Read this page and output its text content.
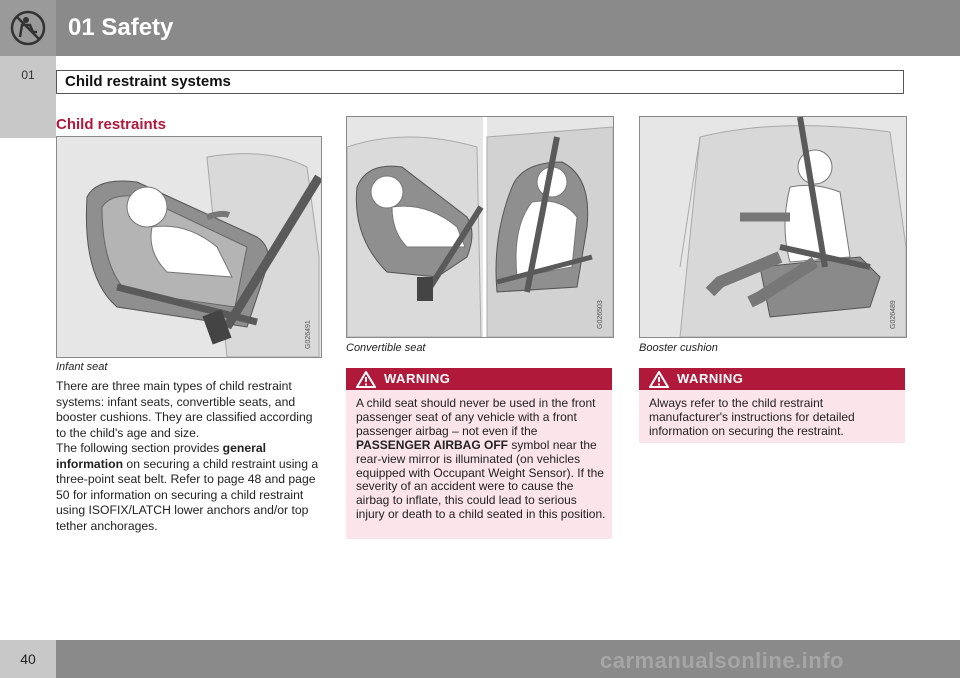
01 Safety
01	Child restraint systems
Child restraints
G026491
Infant seat
There are three main types of child restraint systems: infant seats, convertible seats, and booster cushions. They are classified according to the child's age and size.
The following section provides general information on securing a child restraint using a three-point seat belt. Refer to page 48 and page 50 for information on securing a child restraint using ISOFIX/LATCH lower anchors and/or top tether anchorages.
G026503
Convertible seat
WARNING
A child seat should never be used in the front passenger seat of any vehicle with a front passenger airbag – not even if the PASSENGER AIRBAG OFF symbol near the rear-view mirror is illuminated (on vehicles equipped with Occupant Weight Sensor). If the severity of an accident were to cause the airbag to inflate, this could lead to serious injury or death to a child seated in this position.
G026489
Booster cushion
WARNING
Always refer to the child restraint manufacturer's instructions for detailed information on securing the restraint.
40	carmanualsonline.info
